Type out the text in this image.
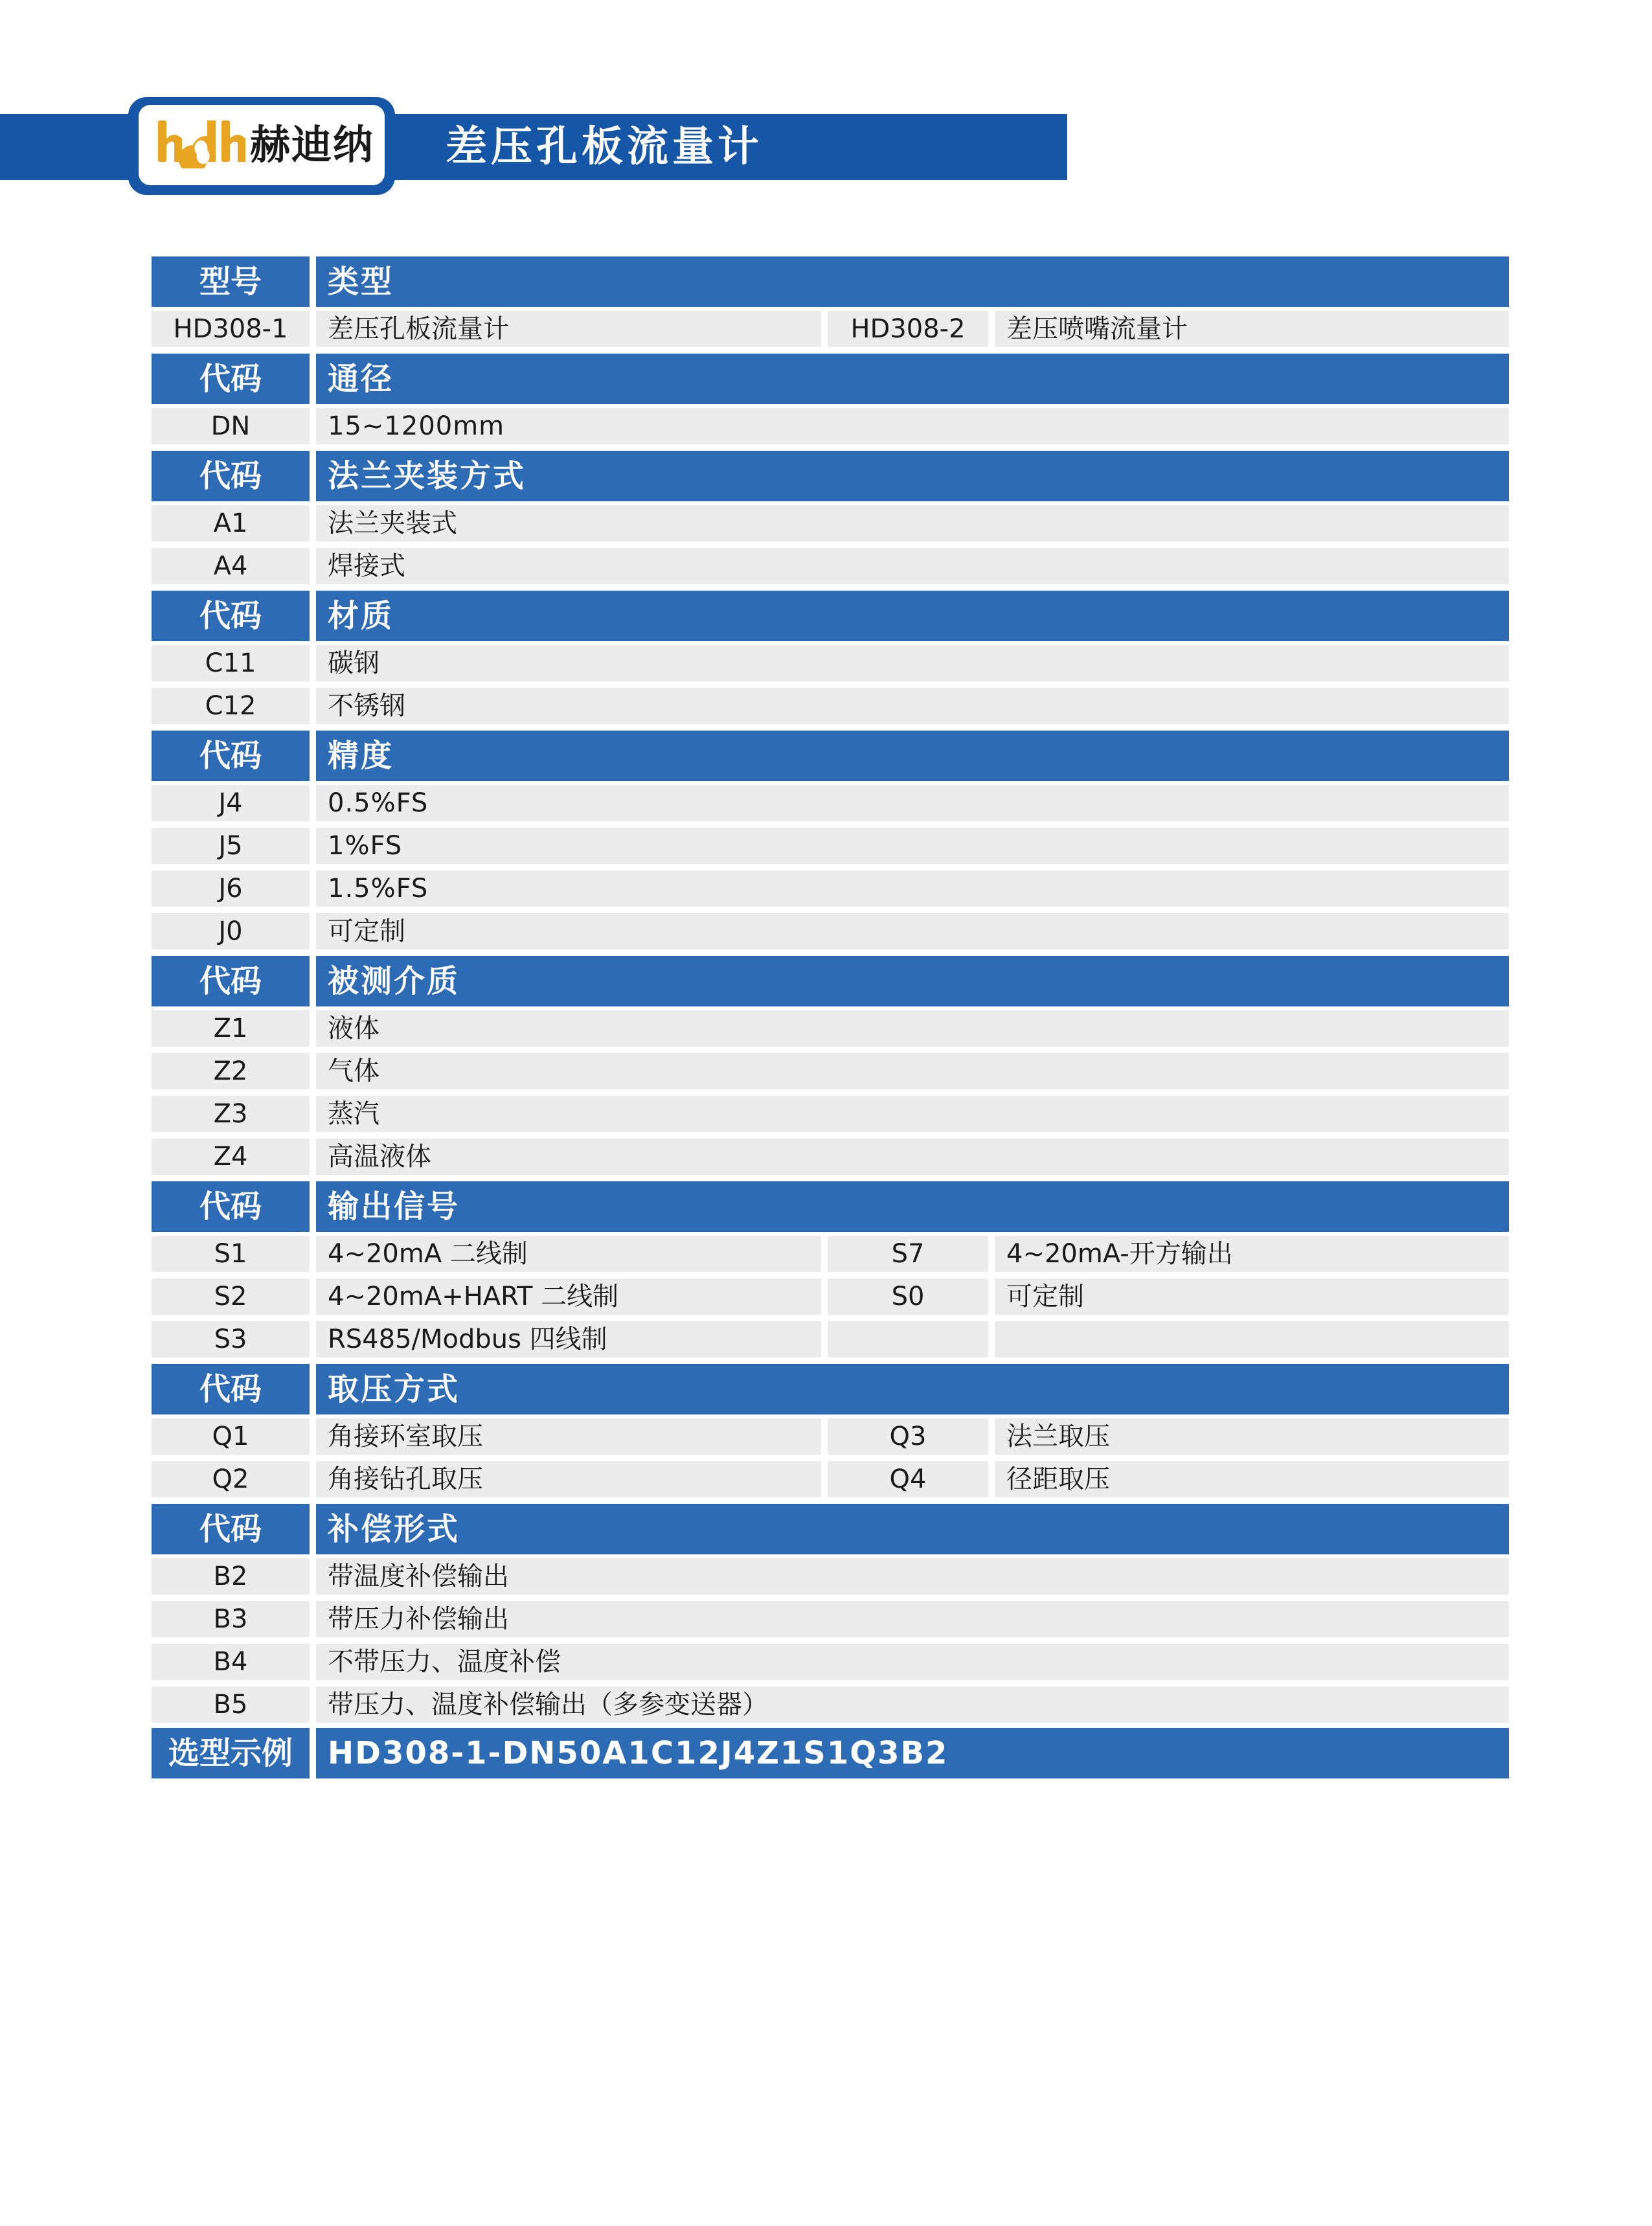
赫迪纳 差压孔板流量计
型号	类型
HD308-1	差压孔板流量计	HD308-2	差压喷嘴流量计
代码	通径
DN	15~1200mm
代码	法兰夹装方式
A1	法兰夹装式
A4	焊接式
代码	材质
C11	碳钢
C12	不锈钢
代码	精度
J4	0.5%FS
J5	1%FS
J6	1.5%FS
J0	可定制
代码	被测介质
Z1	液体
Z2	气体
Z3	蒸汽
Z4	高温液体
代码	输出信号
S1	4~20mA 二线制	S7	4~20mA-开方输出
S2	4~20mA+HART 二线制	S0	可定制
S3	RS485/Modbus 四线制
代码	取压方式
Q1	角接环室取压	Q3	法兰取压
Q2	角接钻孔取压	Q4	径距取压
代码	补偿形式
B2	带温度补偿输出
B3	带压力补偿输出
B4	不带压力、温度补偿
B5	带压力、温度补偿输出（多参变送器）
选型示例	HD308-1-DN50A1C12J4Z1S1Q3B2
